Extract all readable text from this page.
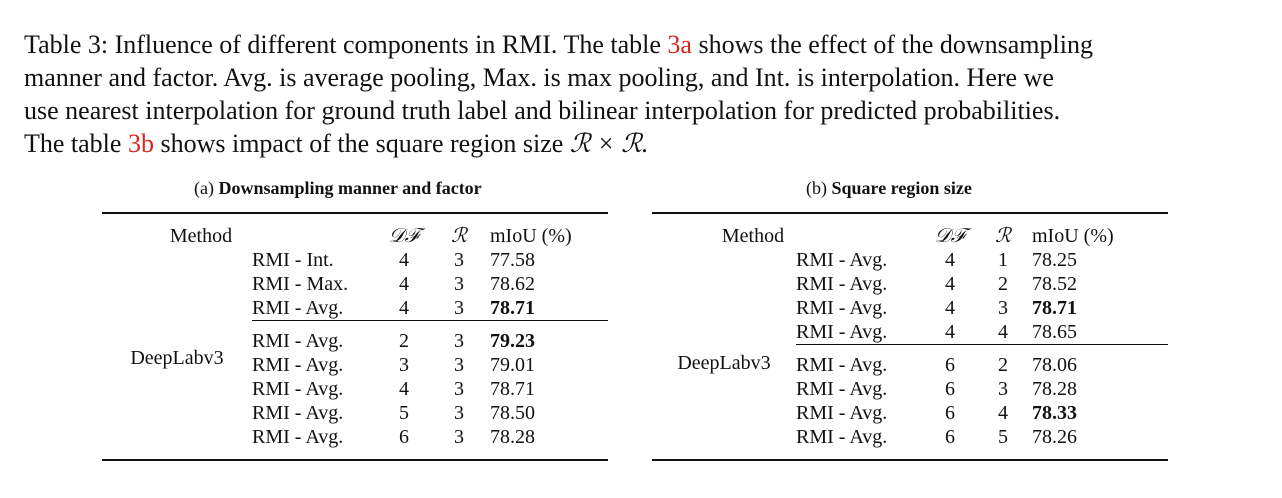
Table 3: Influence of different components in RMI. The table 3a shows the effect of the downsampling
manner and factor. Avg. is average pooling, Max. is max pooling, and Int. is interpolation. Here we
use nearest interpolation for ground truth label and bilinear interpolation for predicted probabilities.
The table 3b shows impact of the square region size ℛ × ℛ.
(a) Downsampling manner and factor	(b) Square region size

Method		𝒟ℱ	ℛ	mIoU (%)
DeepLabv3	RMI - Int.	4	3	77.58
	RMI - Max.	4	3	78.62
	RMI - Avg.	4	3	78.71
	RMI - Avg.	2	3	79.23
	RMI - Avg.	3	3	79.01
	RMI - Avg.	4	3	78.71
	RMI - Avg.	5	3	78.50
	RMI - Avg.	6	3	78.28

Method		𝒟ℱ	ℛ	mIoU (%)
DeepLabv3	RMI - Avg.	4	1	78.25
	RMI - Avg.	4	2	78.52
	RMI - Avg.	4	3	78.71
	RMI - Avg.	4	4	78.65
	RMI - Avg.	6	2	78.06
	RMI - Avg.	6	3	78.28
	RMI - Avg.	6	4	78.33
	RMI - Avg.	6	5	78.26
